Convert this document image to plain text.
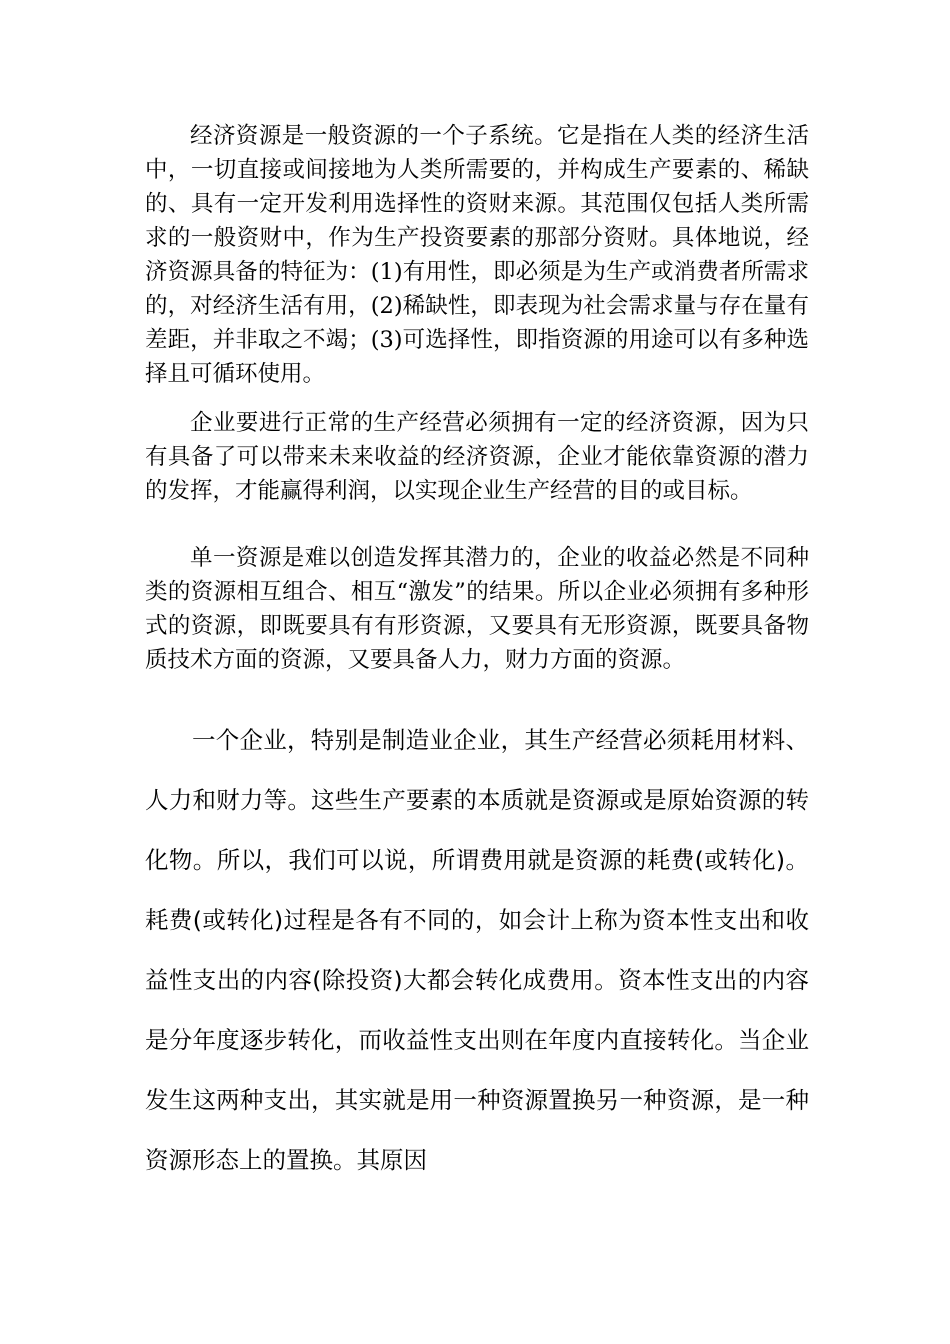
经济资源是一般资源的一个子系统。它是指在人类的经济生活中，一切直接或间接地为人类所需要的，并构成生产要素的、稀缺的、具有一定开发利用选择性的资财来源。其范围仅包括人类所需求的一般资财中，作为生产投资要素的那部分资财。具体地说，经济资源具备的特征为：(1)有用性，即必须是为生产或消费者所需求的，对经济生活有用，(2)稀缺性，即表现为社会需求量与存在量有差距，并非取之不竭；(3)可选择性，即指资源的用途可以有多种选择且可循环使用。

企业要进行正常的生产经营必须拥有一定的经济资源，因为只有具备了可以带来未来收益的经济资源，企业才能依靠资源的潜力的发挥，才能赢得利润，以实现企业生产经营的目的或目标。

单一资源是难以创造发挥其潜力的，企业的收益必然是不同种类的资源相互组合、相互“激发”的结果。所以企业必须拥有多种形式的资源，即既要具有有形资源，又要具有无形资源，既要具备物质技术方面的资源，又要具备人力，财力方面的资源。

一个企业，特别是制造业企业，其生产经营必须耗用材料、人力和财力等。这些生产要素的本质就是资源或是原始资源的转化物。所以，我们可以说，所谓费用就是资源的耗费(或转化)。耗费(或转化)过程是各有不同的，如会计上称为资本性支出和收益性支出的内容(除投资)大都会转化成费用。资本性支出的内容是分年度逐步转化，而收益性支出则在年度内直接转化。当企业发生这两种支出，其实就是用一种资源置换另一种资源，是一种资源形态上的置换。其原因
